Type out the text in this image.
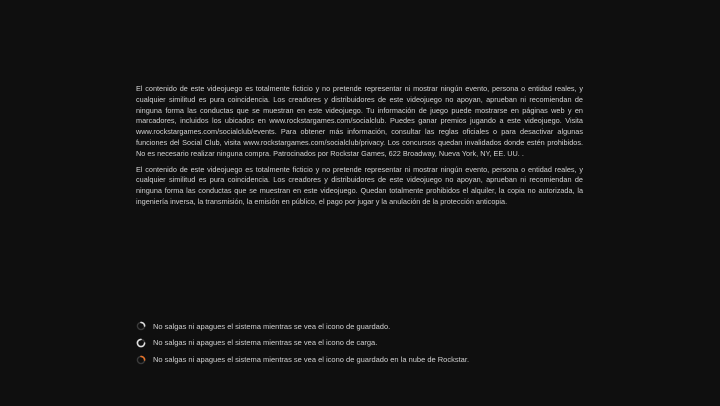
El contenido de este videojuego es totalmente ficticio y no pretende representar ni mostrar ningún evento, persona o entidad reales, y cualquier similitud es pura coincidencia. Los creadores y distribuidores de este videojuego no apoyan, aprueban ni recomiendan de ninguna forma las conductas que se muestran en este videojuego. Tu información de juego puede mostrarse en páginas web y en marcadores, incluidos los ubicados en www.rockstargames.com/socialclub. Puedes ganar premios jugando a este videojuego. Visita www.rockstargames.com/socialclub/events. Para obtener más información, consultar las reglas oficiales o para desactivar algunas funciones del Social Club, visita www.rockstargames.com/socialclub/privacy. Los concursos quedan invalidados donde estén prohibidos. No es necesario realizar ninguna compra. Patrocinados por Rockstar Games, 622 Broadway, Nueva York, NY, EE. UU. .

El contenido de este videojuego es totalmente ficticio y no pretende representar ni mostrar ningún evento, persona o entidad reales, y cualquier similitud es pura coincidencia. Los creadores y distribuidores de este videojuego no apoyan, aprueban ni recomiendan de ninguna forma las conductas que se muestran en este videojuego. Quedan totalmente prohibidos el alquiler, la copia no autorizada, la ingeniería inversa, la transmisión, la emisión en público, el pago por jugar y la anulación de la protección anticopia.

No salgas ni apagues el sistema mientras se vea el icono de guardado.
No salgas ni apagues el sistema mientras se vea el icono de carga.
No salgas ni apagues el sistema mientras se vea el icono de guardado en la nube de Rockstar.
